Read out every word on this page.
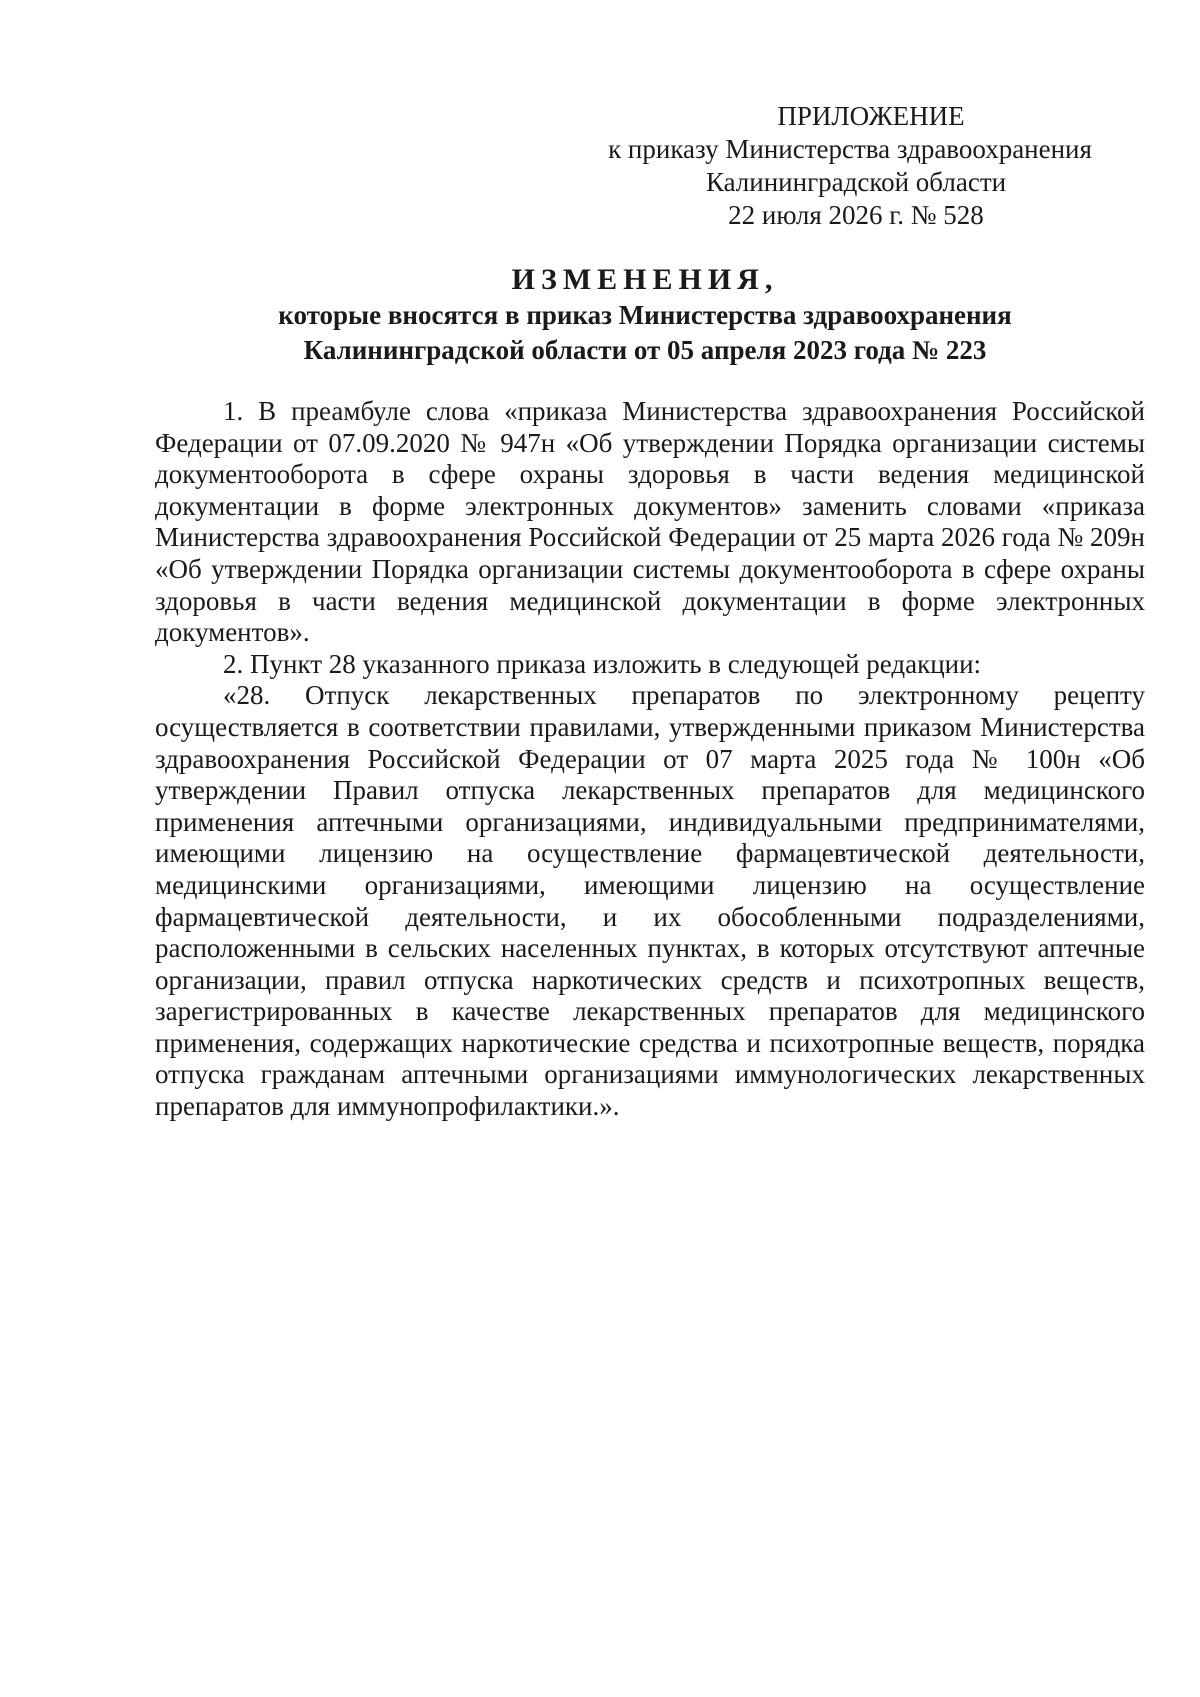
ПРИЛОЖЕНИЕ
к приказу Министерства здравоохранения
Калининградской области
22 июля 2026 г. № 528
ИЗМЕНЕНИЯ,
которые вносятся в приказ Министерства здравоохранения
Калининградской области от 05 апреля 2023 года № 223

1. В преамбуле слова «приказа Министерства здравоохранения Российской Федерации от 07.09.2020 № 947н «Об утверждении Порядка организации системы документооборота в сфере охраны здоровья в части ведения медицинской документации в форме электронных документов» заменить словами «приказа Министерства здравоохранения Российской Федерации от 25 марта 2026 года № 209н «Об утверждении Порядка организации системы документооборота в сфере охраны здоровья в части ведения медицинской документации в форме электронных документов».

2. Пункт 28 указанного приказа изложить в следующей редакции:

«28. Отпуск лекарственных препаратов по электронному рецепту осуществляется в соответствии правилами, утвержденными приказом Министерства здравоохранения Российской Федерации от 07 марта 2025 года № 100н «Об утверждении Правил отпуска лекарственных препаратов для медицинского применения аптечными организациями, индивидуальными предпринимателями, имеющими лицензию на осуществление фармацевтической деятельности, медицинскими организациями, имеющими лицензию на осуществление фармацевтической деятельности, и их обособленными подразделениями, расположенными в сельских населенных пунктах, в которых отсутствуют аптечные организации, правил отпуска наркотических средств и психотропных веществ, зарегистрированных в качестве лекарственных препаратов для медицинского применения, содержащих наркотические средства и психотропные веществ, порядка отпуска гражданам аптечными организациями иммунологических лекарственных препаратов для иммунопрофилактики.».
